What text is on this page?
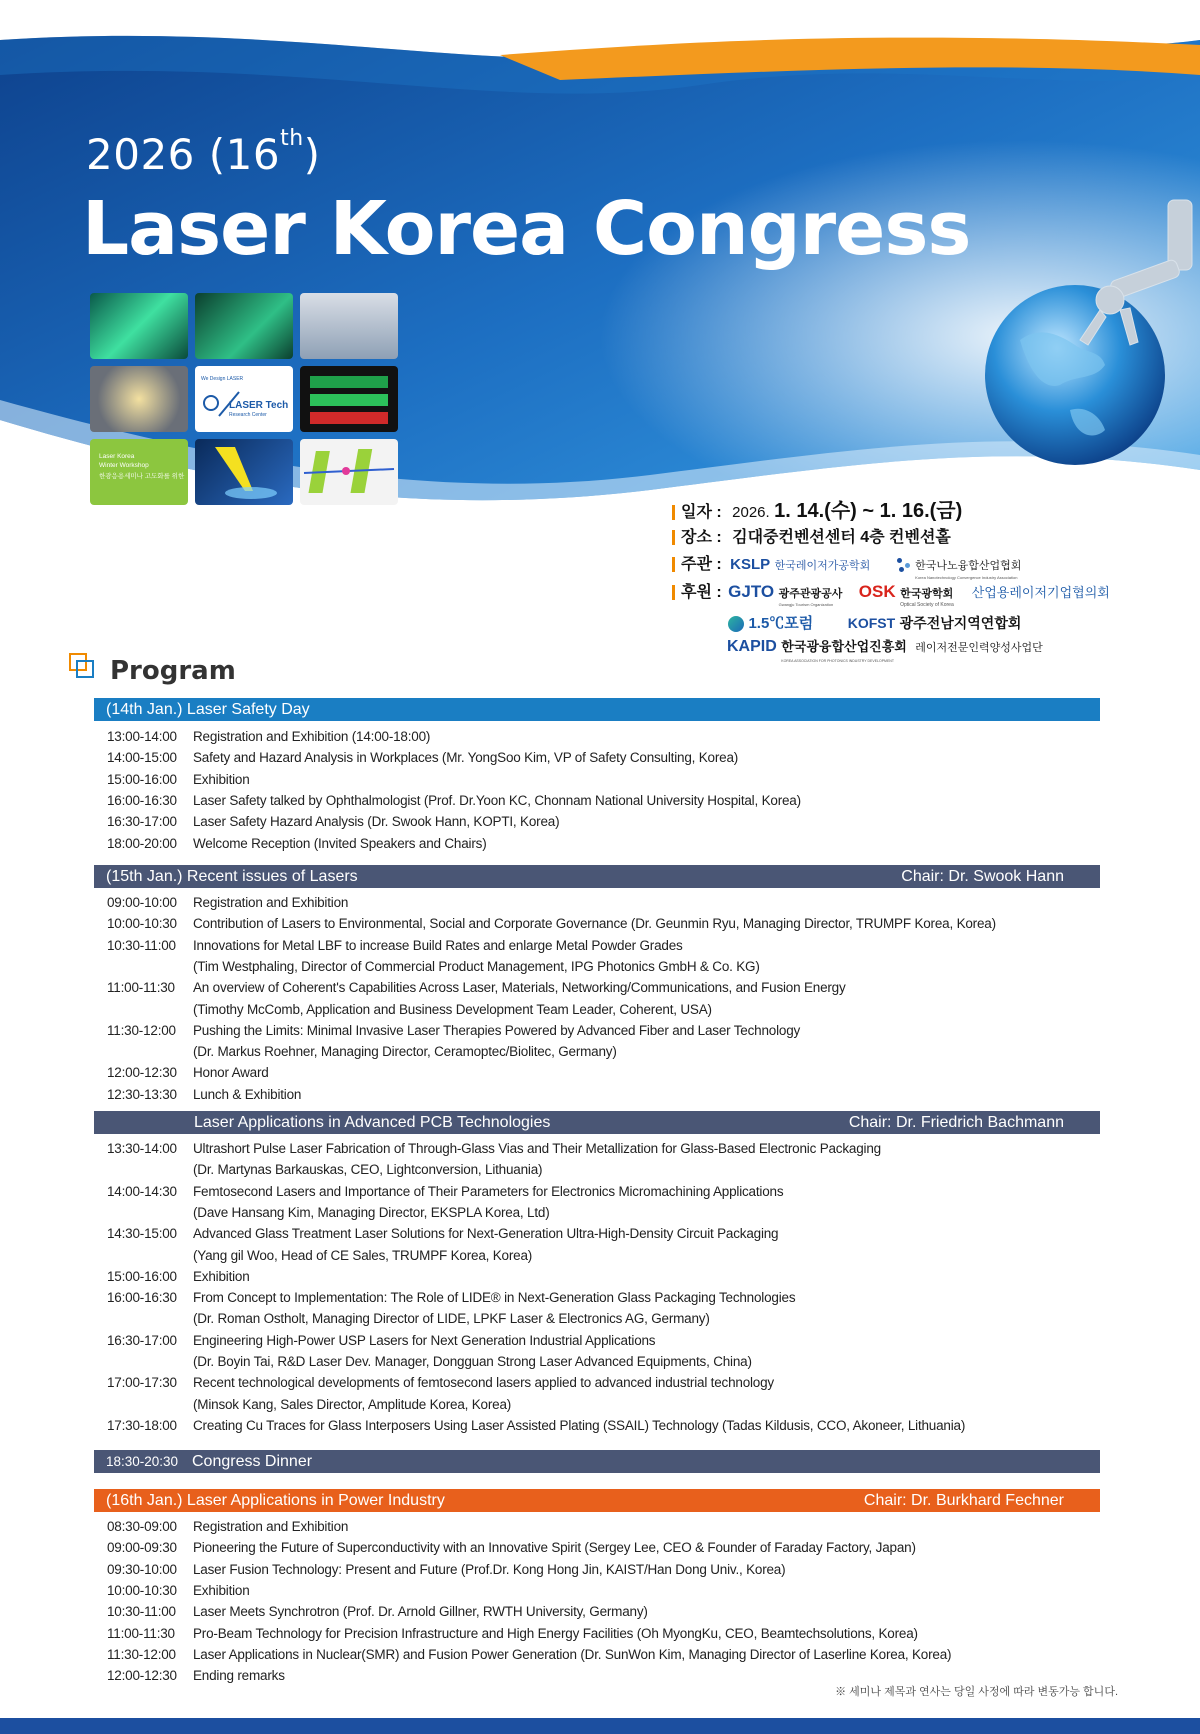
2026 (16th)
Laser Korea Congress
We Design LASER
LASER Tech
Research Center
Laser Korea
Winter Workshop
한광응용세미나 고도화를 위한
일자 : 2026. 1. 14.(수) ~ 1. 16.(금)
장소 : 김대중컨벤션센터 4층 컨벤션홀
주관 : KSLP 한국레이저가공학회	한국나노융합산업협회
Korea Nanotechnology Convergence Industry Association
후원 : GJTO 광주관광공사
Gwangju Tourism Organization
OSK 한국광학회
Optical Society of Korea
산업용레이저기업협의회
1.5℃포럼 KOFST 광주전남지역연합회
KAPID 한국광융합산업진흥회
KOREA ASSOCIATION FOR PHOTONICS INDUSTRY DEVELOPMENT
레이저전문인력양성사업단
Program
(14th Jan.) Laser Safety Day
13:00-14:00 Registration and Exhibition (14:00-18:00)
14:00-15:00 Safety and Hazard Analysis in Workplaces (Mr. YongSoo Kim, VP of Safety Consulting, Korea)
15:00-16:00 Exhibition
16:00-16:30 Laser Safety talked by Ophthalmologist (Prof. Dr.Yoon KC, Chonnam National University Hospital, Korea)
16:30-17:00 Laser Safety Hazard Analysis (Dr. Swook Hann, KOPTI, Korea)
18:00-20:00 Welcome Reception (Invited Speakers and Chairs)
(15th Jan.) Recent issues of Lasers	Chair: Dr. Swook Hann
09:00-10:00 Registration and Exhibition
10:00-10:30 Contribution of Lasers to Environmental, Social and Corporate Governance (Dr. Geunmin Ryu, Managing Director, TRUMPF Korea, Korea)
10:30-11:00 Innovations for Metal LBF to increase Build Rates and enlarge Metal Powder Grades
(Tim Westphaling, Director of Commercial Product Management, IPG Photonics GmbH & Co. KG)
11:00-11:30 An overview of Coherent's Capabilities Across Laser, Materials, Networking/Communications, and Fusion Energy
(Timothy McComb, Application and Business Development Team Leader, Coherent, USA)
11:30-12:00 Pushing the Limits: Minimal Invasive Laser Therapies Powered by Advanced Fiber and Laser Technology
(Dr. Markus Roehner, Managing Director, Ceramoptec/Biolitec, Germany)
12:00-12:30 Honor Award
12:30-13:30 Lunch & Exhibition
Laser Applications in Advanced PCB Technologies	Chair: Dr. Friedrich Bachmann
13:30-14:00 Ultrashort Pulse Laser Fabrication of Through-Glass Vias and Their Metallization for Glass-Based Electronic Packaging
(Dr. Martynas Barkauskas, CEO, Lightconversion, Lithuania)
14:00-14:30 Femtosecond Lasers and Importance of Their Parameters for Electronics Micromachining Applications
(Dave Hansang Kim, Managing Director, EKSPLA Korea, Ltd)
14:30-15:00 Advanced Glass Treatment Laser Solutions for Next-Generation Ultra-High-Density Circuit Packaging
(Yang gil Woo, Head of CE Sales, TRUMPF Korea, Korea)
15:00-16:00 Exhibition
16:00-16:30 From Concept to Implementation: The Role of LIDE® in Next-Generation Glass Packaging Technologies
(Dr. Roman Ostholt, Managing Director of LIDE, LPKF Laser & Electronics AG, Germany)
16:30-17:00 Engineering High-Power USP Lasers for Next Generation Industrial Applications
(Dr. Boyin Tai, R&D Laser Dev. Manager, Dongguan Strong Laser Advanced Equipments, China)
17:00-17:30 Recent technological developments of femtosecond lasers applied to advanced industrial technology
(Minsok Kang, Sales Director, Amplitude Korea, Korea)
17:30-18:00 Creating Cu Traces for Glass Interposers Using Laser Assisted Plating (SSAIL) Technology (Tadas Kildusis, CCO, Akoneer, Lithuania)
18:30-20:30 Congress Dinner
(16th Jan.) Laser Applications in Power Industry	Chair: Dr. Burkhard Fechner
08:30-09:00 Registration and Exhibition
09:00-09:30 Pioneering the Future of Superconductivity with an Innovative Spirit (Sergey Lee, CEO & Founder of Faraday Factory, Japan)
09:30-10:00 Laser Fusion Technology: Present and Future (Prof.Dr. Kong Hong Jin, KAIST/Han Dong Univ., Korea)
10:00-10:30 Exhibition
10:30-11:00 Laser Meets Synchrotron (Prof. Dr. Arnold Gillner, RWTH University, Germany)
11:00-11:30 Pro-Beam Technology for Precision Infrastructure and High Energy Facilities (Oh MyongKu, CEO, Beamtechsolutions, Korea)
11:30-12:00 Laser Applications in Nuclear(SMR) and Fusion Power Generation (Dr. SunWon Kim, Managing Director of Laserline Korea, Korea)
12:00-12:30 Ending remarks
※ 세미나 제목과 연사는 당일 사정에 따라 변동가능 합니다.
